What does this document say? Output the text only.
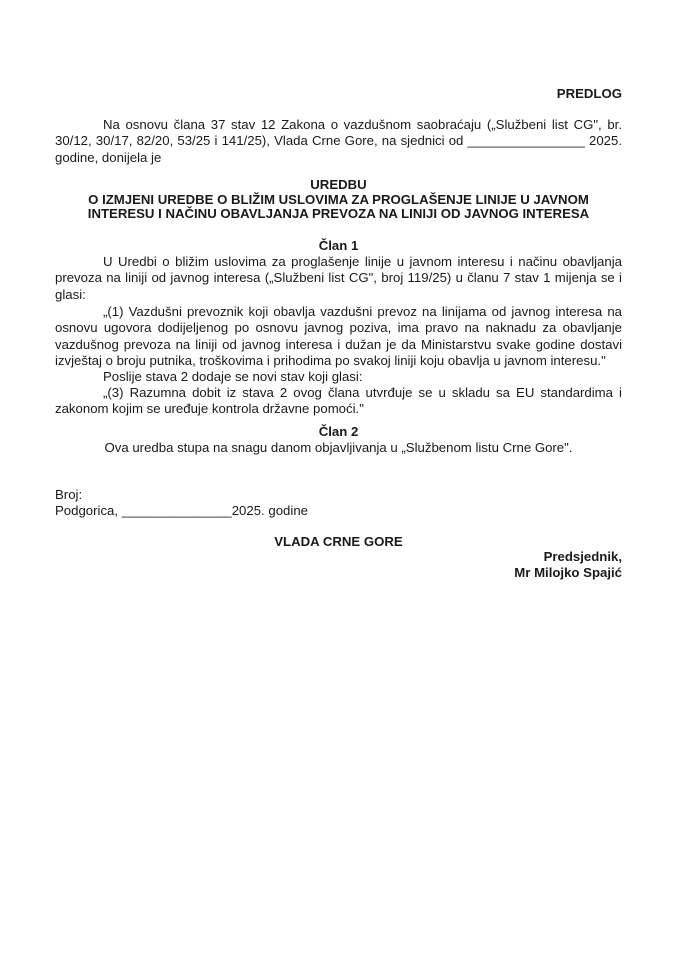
PREDLOG

Na osnovu člana 37 stav 12 Zakona o vazdušnom saobraćaju („Službeni list CG", br. 30/12, 30/17, 82/20, 53/25 i 141/25), Vlada Crne Gore, na sjednici od ________________ 2025. godine, donijela je

UREDBU
O IZMJENI UREDBE O BLIŽIM USLOVIMA ZA PROGLAŠENJE LINIJE U JAVNOM
INTERESU I NAČINU OBAVLJANJA PREVOZA NA LINIJI OD JAVNOG INTERESA
Član 1

U Uredbi o bližim uslovima za proglašenje linije u javnom interesu i načinu obavljanja prevoza na liniji od javnog interesa („Službeni list CG", broj 119/25) u članu 7 stav 1 mijenja se i glasi:

„(1) Vazdušni prevoznik koji obavlja vazdušni prevoz na linijama od javnog interesa na osnovu ugovora dodijeljenog po osnovu javnog poziva, ima pravo na naknadu za obavljanje vazdušnog prevoza na liniji od javnog interesa i dužan je da Ministarstvu svake godine dostavi izvještaj o broju putnika, troškovima i prihodima po svakoj liniji koju obavlja u javnom interesu."

Poslije stava 2 dodaje se novi stav koji glasi:

„(3) Razumna dobit iz stava 2 ovog člana utvrđuje se u skladu sa EU standardima i zakonom kojim se uređuje kontrola državne pomoći."

Član 2

Ova uredba stupa na snagu danom objavljivanja u „Službenom listu Crne Gore".

Broj:
Podgorica, _______________2025. godine
VLADA CRNE GORE
Predsjednik,
Mr Milojko Spajić
